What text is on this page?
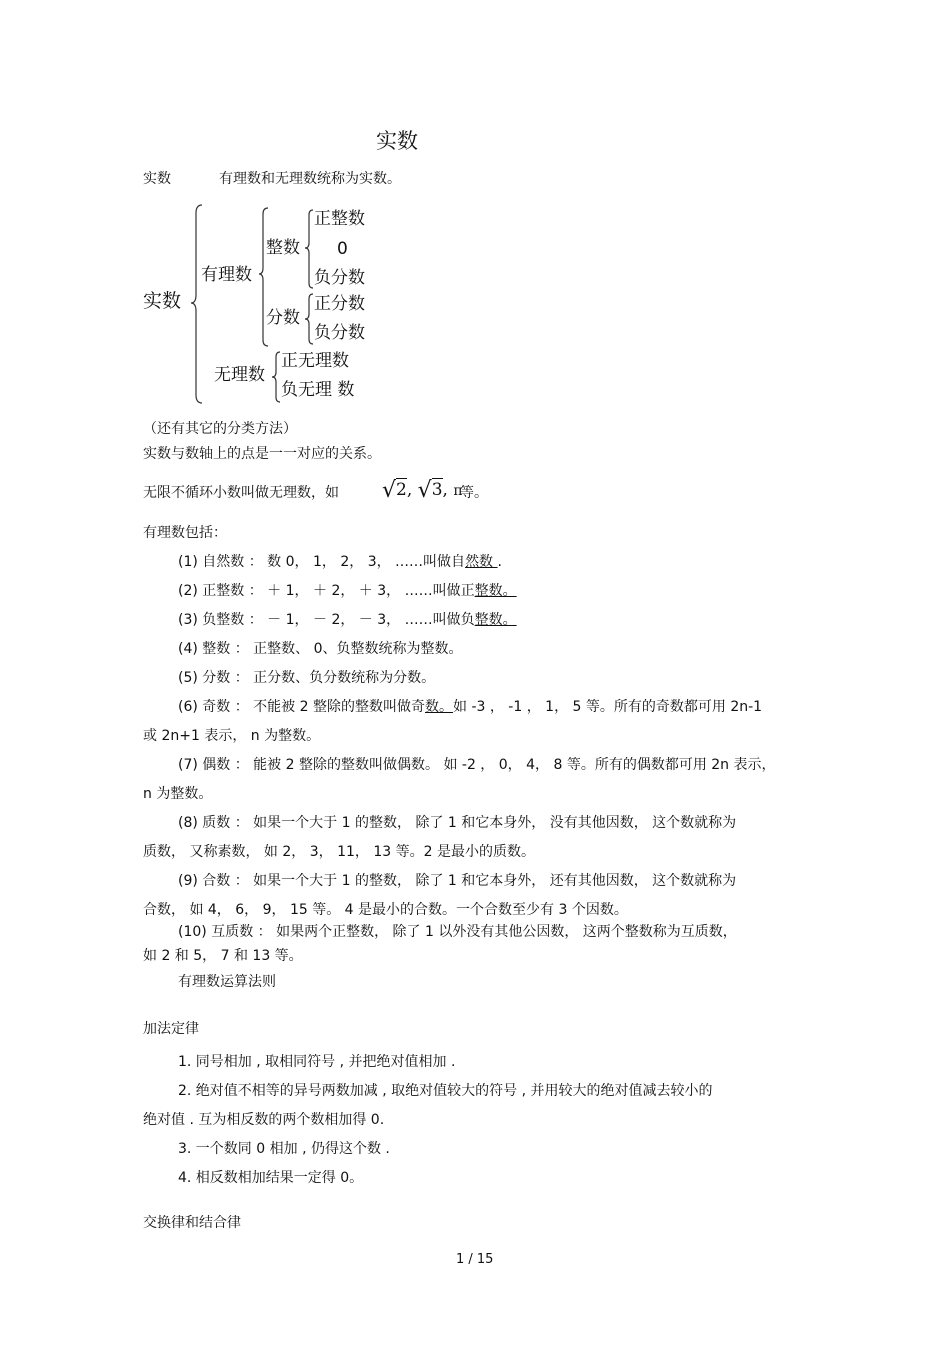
实数
实数	有理数和无理数统称为实数。
实数
有理数
整数
正整数
0
负分数
分数
正分数
负分数
无理数
正无理数
负无理 数
（还有其它的分类方法）
实数与数轴上的点是一一对应的关系。
无限不循环小数叫做无理数，如 √2, √3, π
等。
有理数包括：
(1) 自然数 ： 数 0， 1， 2， 3， ……叫做自然数 .
(2) 正整数 ： ＋ 1， ＋ 2， ＋ 3， ……叫做正整数。
(3) 负整数 ： － 1， － 2， － 3， ……叫做负整数。
(4) 整数 ： 正整数、 0、负整数统称为整数。
(5) 分数 ： 正分数、负分数统称为分数。
(6) 奇数 ： 不能被 2 整除的整数叫做奇数。如 -3 ， -1 ， 1， 5 等。所有的奇数都可用 2n-1
或 2n+1 表示， n 为整数。
(7) 偶数 ： 能被 2 整除的整数叫做偶数。 如 -2 ， 0， 4， 8 等。所有的偶数都可用 2n 表示，
n 为整数。
(8) 质数 ： 如果一个大于 1 的整数， 除了 1 和它本身外， 没有其他因数， 这个数就称为
质数， 又称素数， 如 2， 3， 11， 13 等。2 是最小的质数。
(9) 合数 ： 如果一个大于 1 的整数， 除了 1 和它本身外， 还有其他因数， 这个数就称为
合数， 如 4， 6， 9， 15 等。 4 是最小的合数。一个合数至少有 3 个因数。
(10) 互质数 ： 如果两个正整数， 除了 1 以外没有其他公因数， 这两个整数称为互质数，
如 2 和 5， 7 和 13 等。
有理数运算法则
加法定律
1. 同号相加 , 取相同符号 , 并把绝对值相加 .
2. 绝对值不相等的异号两数加减 , 取绝对值较大的符号 , 并用较大的绝对值减去较小的
绝对值 . 互为相反数的两个数相加得 0.
3. 一个数同 0 相加 , 仍得这个数 .
4. 相反数相加结果一定得 0。
交换律和结合律
1 / 15
